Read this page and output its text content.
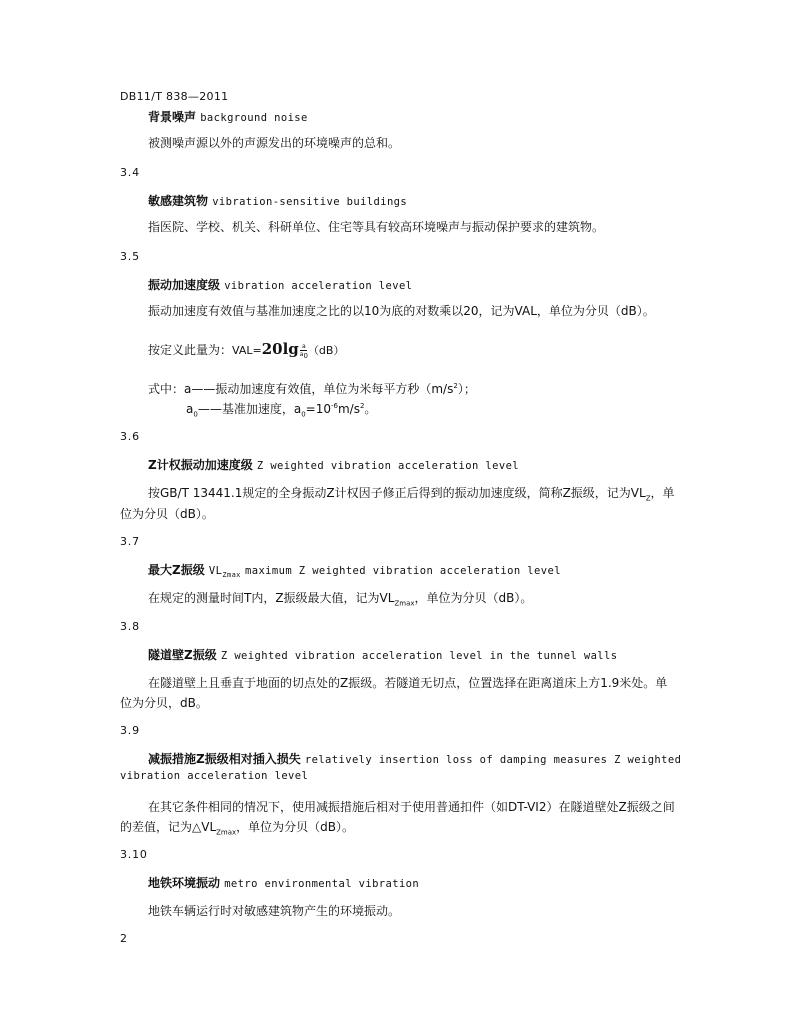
DB11/T 838—2011
背景噪声 background noise
被测噪声源以外的声源发出的环境噪声的总和。
3.4
敏感建筑物 vibration-sensitive buildings
指医院、学校、机关、科研单位、住宅等具有较高环境噪声与振动保护要求的建筑物。
3.5
振动加速度级 vibration acceleration level
振动加速度有效值与基准加速度之比的以10为底的对数乘以20，记为VAL，单位为分贝（dB）。
按定义此量为：$VAL=20\lg \frac{a}{a_0} (dB)$
式中：a——振动加速度有效值，单位为米每平方秒$(m/s^2)$；
$a_0——$基准加速度，$a_0=10^{-6}m/s^2$。
3.6
Z计权振动加速度级 Z weighted vibration acceleration level
按GB/T 13441.1规定的全身振动Z计权因子修正后得到的振动加速度级，简称Z振级，记为$VL_Z$，单
位为分贝（dB）。
3.7
最大Z振级 $VL_{Zmax}$ maximum Z weighted vibration acceleration level
在规定的测量时间T内，Z振级最大值，记为$VL_{Zmax}$，单位为分贝（dB）。
3.8
隧道壁Z振级 Z weighted vibration acceleration level in the tunnel walls
在隧道壁上且垂直于地面的切点处的Z振级。若隧道无切点，位置选择在距离道床上方1.9米处。单
位为分贝，dB。
3.9
减振措施Z振级相对插入损失 relatively insertion loss of damping measures Z weighted
vibration acceleration level
在其它条件相同的情况下，使用减振措施后相对于使用普通扣件（如DT-VI2）在隧道壁处Z振级之间
的差值，记为$\triangle VL_{Zmax}$，单位为分贝（dB）。
3.10
地铁环境振动 metro environmental vibration
地铁车辆运行时对敏感建筑物产生的环境振动。
2
